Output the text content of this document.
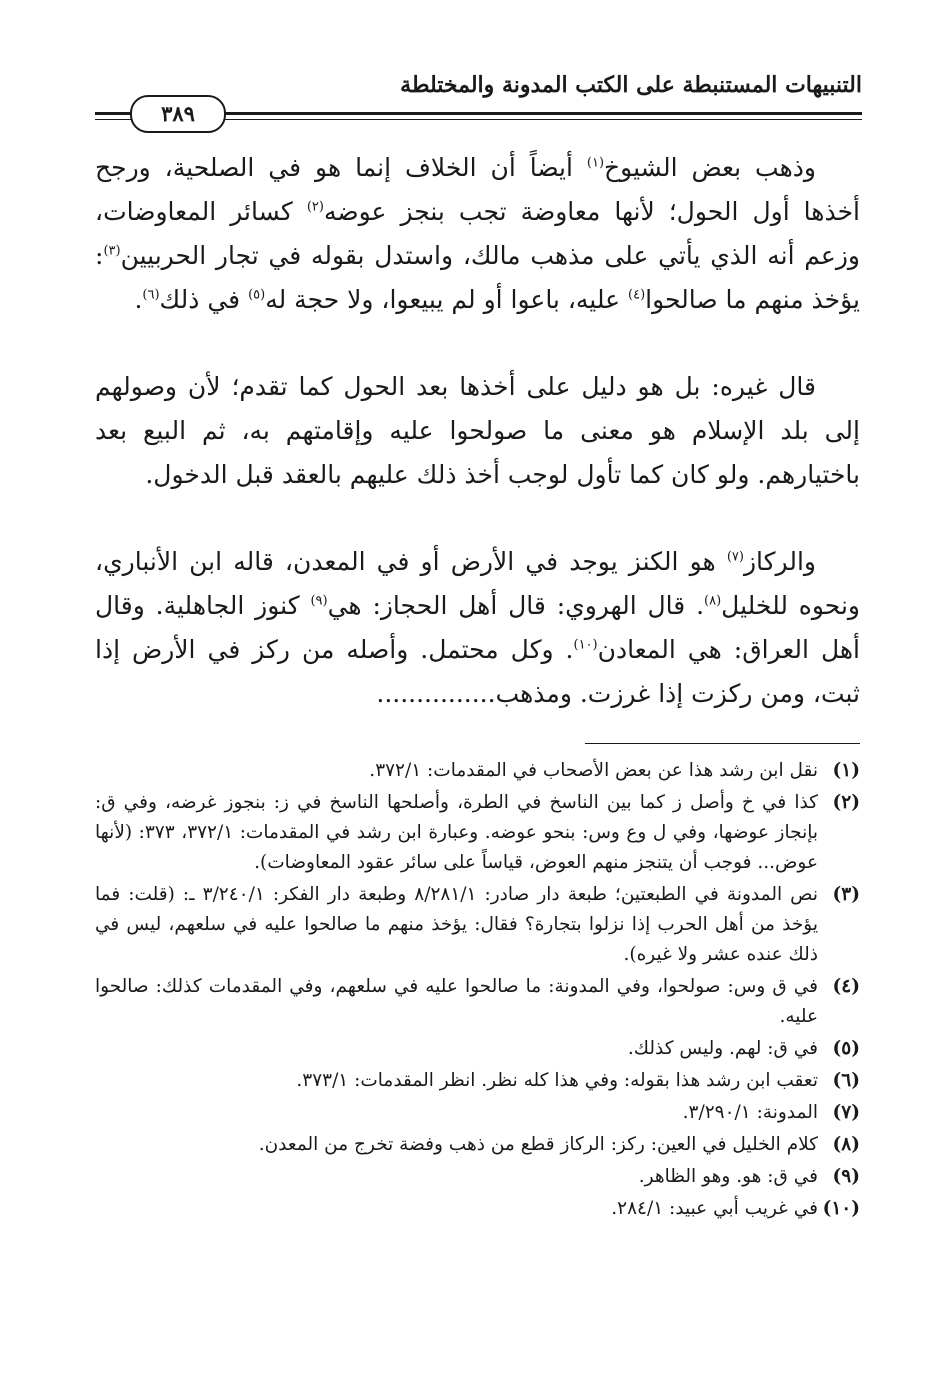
التنبيهات المستنبطة على الكتب المدونة والمختلطة
٣٨٩
وذهب بعض الشيوخ$^{(١)}$ أيضاً أن الخلاف إنما هو في الصلحية، ورجح أخذها أول الحول؛ لأنها معاوضة تجب بنجز عوضه$^{(٢)}$ كسائر المعاوضات، وزعم أنه الذي يأتي على مذهب مالك، واستدل بقوله في تجار الحربيين$^{(٣)}$: يؤخذ منهم ما صالحوا$^{(٤)}$ عليه، باعوا أو لم يبيعوا، ولا حجة له$^{(٥)}$ في ذلك$^{(٦)}$.
قال غيره: بل هو دليل على أخذها بعد الحول كما تقدم؛ لأن وصولهم إلى بلد الإسلام هو معنى ما صولحوا عليه وإقامتهم به، ثم البيع بعد باختيارهم. ولو كان كما تأول لوجب أخذ ذلك عليهم بالعقد قبل الدخول.
والركاز$^{(٧)}$ هو الكنز يوجد في الأرض أو في المعدن، قاله ابن الأنباري، ونحوه للخليل$^{(٨)}$. قال الهروي: قال أهل الحجاز: هي$^{(٩)}$ كنوز الجاهلية. وقال أهل العراق: هي المعادن$^{(١٠)}$. وكل محتمل. وأصله من ركز في الأرض إذا ثبت، ومن ركزت إذا غرزت. ومذهب...............
(١)
نقل ابن رشد هذا عن بعض الأصحاب في المقدمات: ٣٧٢/١.
(٢)
كذا في خ وأصل ز كما بين الناسخ في الطرة، وأصلحها الناسخ في ز: بنجوز غرضه، وفي ق: بإنجاز عوضها، وفي ل وع وس: بنحو عوضه. وعبارة ابن رشد في المقدمات: ٣٧٢/١، ٣٧٣: (لأنها عوض... فوجب أن يتنجز منهم العوض، قياساً على سائر عقود المعاوضات).
(٣)
نص المدونة في الطبعتين؛ طبعة دار صادر: ٨/٢٨١/١ وطبعة دار الفكر: ٣/٢٤٠/١ ـ: (قلت: فما يؤخذ من أهل الحرب إذا نزلوا بتجارة؟ فقال: يؤخذ منهم ما صالحوا عليه في سلعهم، ليس في ذلك عنده عشر ولا غيره).
(٤)
في ق وس: صولحوا، وفي المدونة: ما صالحوا عليه في سلعهم، وفي المقدمات كذلك: صالحوا عليه.
(٥)
في ق: لهم. وليس كذلك.
(٦)
تعقب ابن رشد هذا بقوله: وفي هذا كله نظر. انظر المقدمات: ٣٧٣/١.
(٧)
المدونة: ٣/٢٩٠/١.
(٨)
كلام الخليل في العين: ركز: الركاز قطع من ذهب وفضة تخرج من المعدن.
(٩)
في ق: هو. وهو الظاهر.
(١٠)
في غريب أبي عبيد: ٢٨٤/١.
